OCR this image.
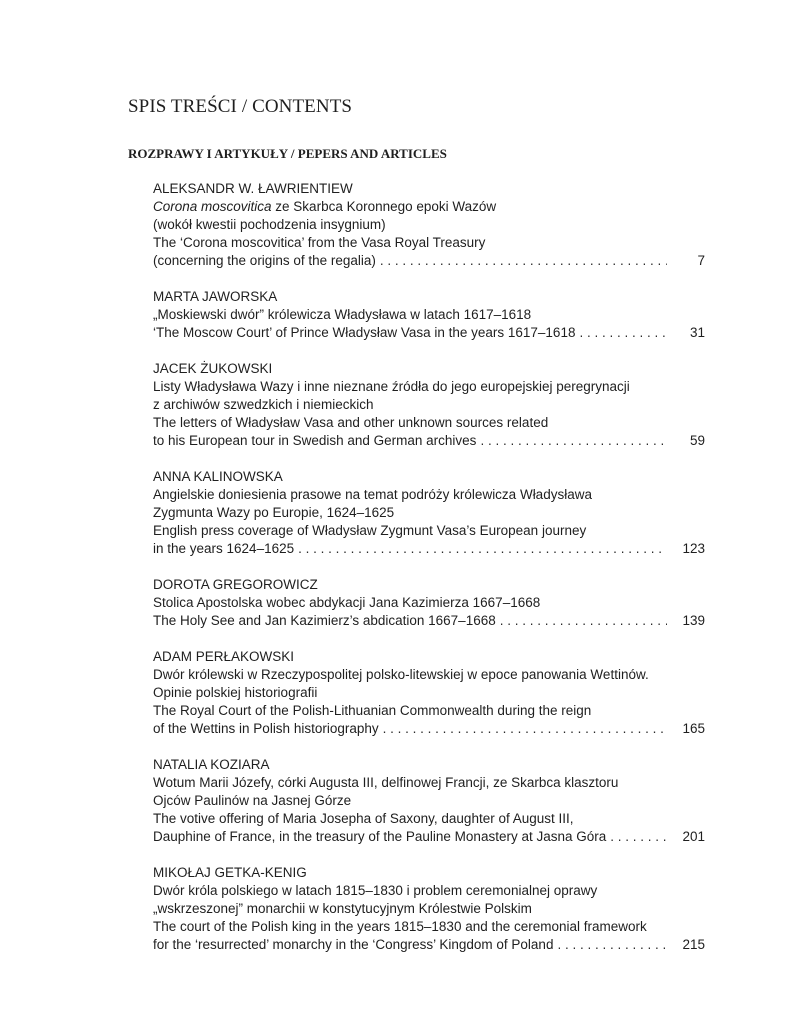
SPIS TREŚCI / CONTENTS
ROZPRAWY I ARTYKUŁY / PEPERS AND ARTICLES
ALEKSANDR W. ŁAWRIENTIEW
Corona moscovitica ze Skarbca Koronnego epoki Wazów
(wokół kwestii pochodzenia insygnium)
The ‘Corona moscovitica’ from the Vasa Royal Treasury
(concerning the origins of the regalia) . . .	7
MARTA JAWORSKA
„Moskiewski dwór” królewicza Władysława w latach 1617–1618
‘The Moscow Court’ of Prince Władysław Vasa in the years 1617–1618 . . .	31
JACEK ŻUKOWSKI
Listy Władysława Wazy i inne nieznane źródła do jego europejskiej peregrynacji
z archiwów szwedzkich i niemieckich
The letters of Władysław Vasa and other unknown sources related
to his European tour in Swedish and German archives . . .	59
ANNA KALINOWSKA
Angielskie doniesienia prasowe na temat podróży królewicza Władysława
Zygmunta Wazy po Europie, 1624–1625
English press coverage of Władysław Zygmunt Vasa’s European journey
in the years 1624–1625 . . .	123
DOROTA GREGOROWICZ
Stolica Apostolska wobec abdykacji Jana Kazimierza 1667–1668
The Holy See and Jan Kazimierz’s abdication 1667–1668 . . .	139
ADAM PERŁAKOWSKI
Dwór królewski w Rzeczypospolitej polsko-litewskiej w epoce panowania Wettinów.
Opinie polskiej historiografii
The Royal Court of the Polish-Lithuanian Commonwealth during the reign
of the Wettins in Polish historiography . . .	165
NATALIA KOZIARA
Wotum Marii Józefy, córki Augusta III, delfinowej Francji, ze Skarbca klasztoru
Ojców Paulinów na Jasnej Górze
The votive offering of Maria Josepha of Saxony, daughter of August III,
Dauphine of France, in the treasury of the Pauline Monastery at Jasna Góra . . .	201
MIKOŁAJ GETKA-KENIG
Dwór króla polskiego w latach 1815–1830 i problem ceremonialnej oprawy
„wskrzeszonej” monarchii w konstytucyjnym Królestwie Polskim
The court of the Polish king in the years 1815–1830 and the ceremonial framework
for the ‘resurrected’ monarchy in the ‘Congress’ Kingdom of Poland . . .	215
